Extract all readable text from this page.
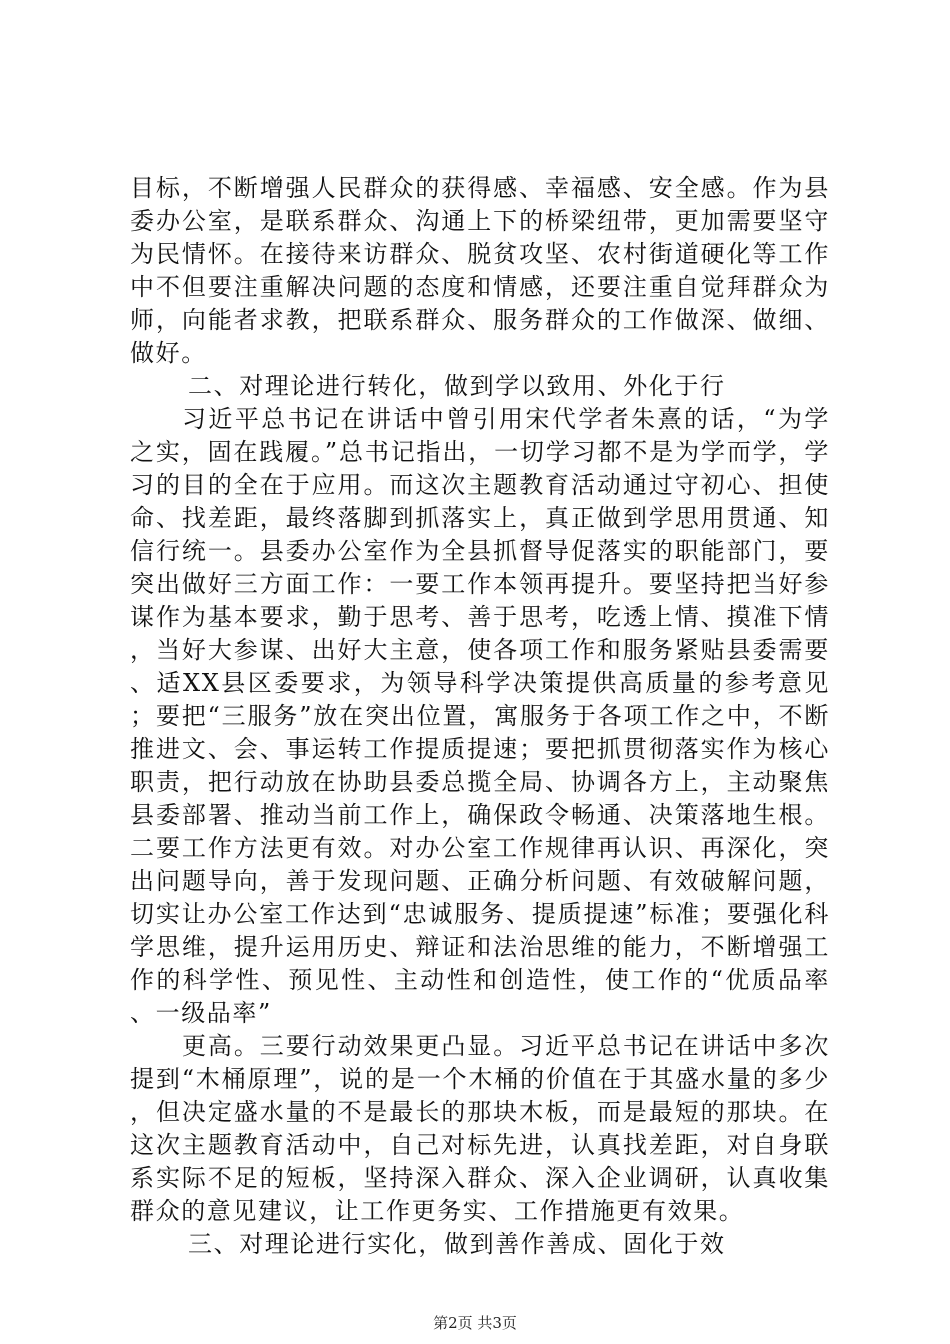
目标，不断增强人民群众的获得感、幸福感、安全感。作为县委办公室，是联系群众、沟通上下的桥梁纽带，更加需要坚守为民情怀。在接待来访群众、脱贫攻坚、农村街道硬化等工作中不但要注重解决问题的态度和情感，还要注重自觉拜群众为师，向能者求教，把联系群众、服务群众的工作做深、做细、做好。

二、对理论进行转化，做到学以致用、外化于行

习近平总书记在讲话中曾引用宋代学者朱熹的话，“为学之实，固在践履。”总书记指出，一切学习都不是为学而学，学习的目的全在于应用。而这次主题教育活动通过守初心、担使命、找差距，最终落脚到抓落实上，真正做到学思用贯通、知信行统一。县委办公室作为全县抓督导促落实的职能部门，要突出做好三方面工作：一要工作本领再提升。要坚持把当好参谋作为基本要求，勤于思考、善于思考，吃透上情、摸准下情，当好大参谋、出好大主意，使各项工作和服务紧贴县委需要、适XX县区委要求，为领导科学决策提供高质量的参考意见；要把“三服务”放在突出位置，寓服务于各项工作之中，不断推进文、会、事运转工作提质提速；要把抓贯彻落实作为核心职责，把行动放在协助县委总揽全局、协调各方上，主动聚焦县委部署、推动当前工作上，确保政令畅通、决策落地生根。二要工作方法更有效。对办公室工作规律再认识、再深化，突出问题导向，善于发现问题、正确分析问题、有效破解问题，切实让办公室工作达到“忠诚服务、提质提速”标准；要强化科学思维，提升运用历史、辩证和法治思维的能力，不断增强工作的科学性、预见性、主动性和创造性，使工作的“优质品率、一级品率”

更高。三要行动效果更凸显。习近平总书记在讲话中多次提到“木桶原理”，说的是一个木桶的价值在于其盛水量的多少，但决定盛水量的不是最长的那块木板，而是最短的那块。在这次主题教育活动中，自己对标先进，认真找差距，对自身联系实际不足的短板，坚持深入群众、深入企业调研，认真收集群众的意见建议，让工作更务实、工作措施更有效果。

三、对理论进行实化，做到善作善成、固化于效

第2页 共3页
